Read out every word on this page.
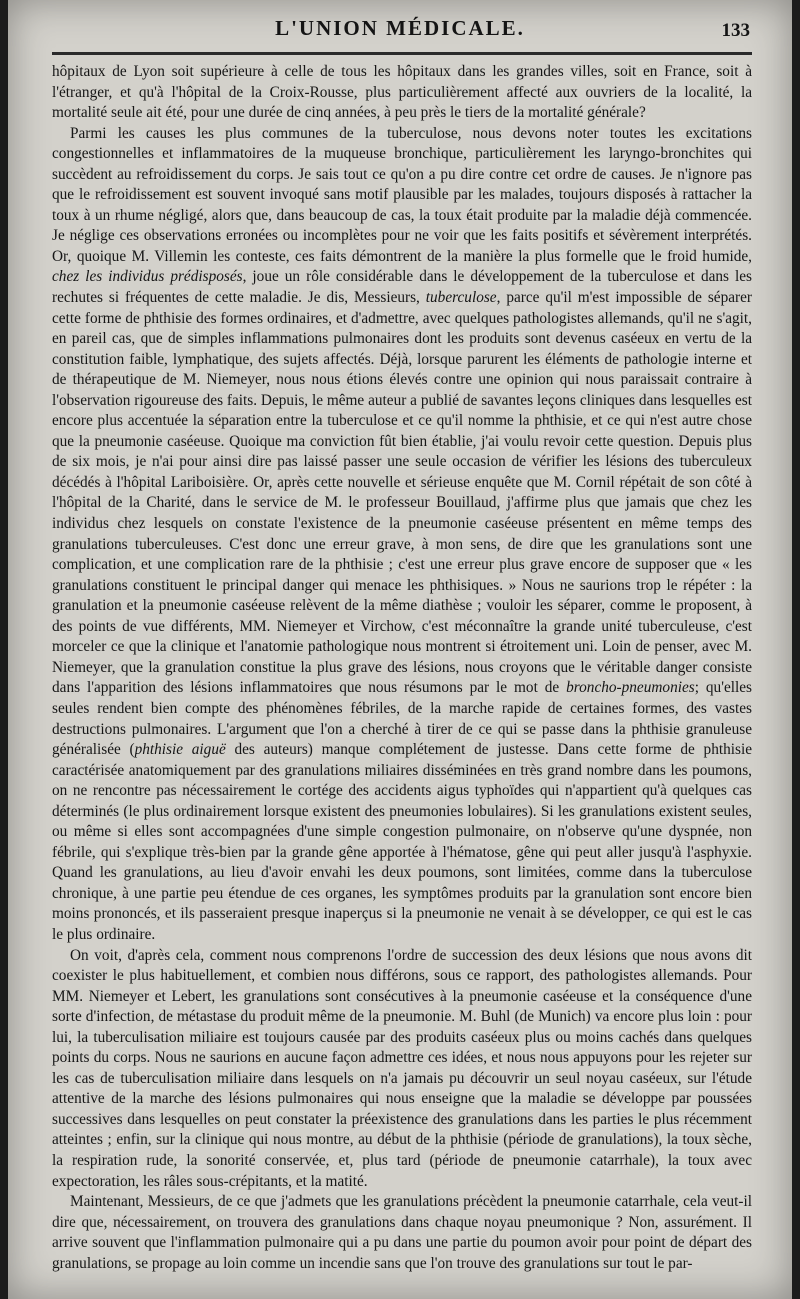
L'UNION MÉDICALE.	133

hôpitaux de Lyon soit supérieure à celle de tous les hôpitaux dans les grandes villes, soit en France, soit à l'étranger, et qu'à l'hôpital de la Croix-Rousse, plus particulièrement affecté aux ouvriers de la localité, la mortalité seule ait été, pour une durée de cinq années, à peu près le tiers de la mortalité générale?

Parmi les causes les plus communes de la tuberculose, nous devons noter toutes les excitations congestionnelles et inflammatoires de la muqueuse bronchique, particulièrement les laryngo-bronchites qui succèdent au refroidissement du corps. Je sais tout ce qu'on a pu dire contre cet ordre de causes. Je n'ignore pas que le refroidissement est souvent invoqué sans motif plausible par les malades, toujours disposés à rattacher la toux à un rhume négligé, alors que, dans beaucoup de cas, la toux était produite par la maladie déjà commencée. Je néglige ces observations erronées ou incomplètes pour ne voir que les faits positifs et sévèrement interprétés. Or, quoique M. Villemin les conteste, ces faits démontrent de la manière la plus formelle que le froid humide, chez les individus prédisposés, joue un rôle considérable dans le développement de la tuberculose et dans les rechutes si fréquentes de cette maladie. Je dis, Messieurs, tuberculose, parce qu'il m'est impossible de séparer cette forme de phthisie des formes ordinaires, et d'admettre, avec quelques pathologistes allemands, qu'il ne s'agit, en pareil cas, que de simples inflammations pulmonaires dont les produits sont devenus caséeux en vertu de la constitution faible, lymphatique, des sujets affectés. Déjà, lorsque parurent les éléments de pathologie interne et de thérapeutique de M. Niemeyer, nous nous étions élevés contre une opinion qui nous paraissait contraire à l'observation rigoureuse des faits. Depuis, le même auteur a publié de savantes leçons cliniques dans lesquelles est encore plus accentuée la séparation entre la tuberculose et ce qu'il nomme la phthisie, et ce qui n'est autre chose que la pneumonie caséeuse. Quoique ma conviction fût bien établie, j'ai voulu revoir cette question. Depuis plus de six mois, je n'ai pour ainsi dire pas laissé passer une seule occasion de vérifier les lésions des tuberculeux décédés à l'hôpital Lariboisière. Or, après cette nouvelle et sérieuse enquête que M. Cornil répétait de son côté à l'hôpital de la Charité, dans le service de M. le professeur Bouillaud, j'affirme plus que jamais que chez les individus chez lesquels on constate l'existence de la pneumonie caséeuse présentent en même temps des granulations tuberculeuses. C'est donc une erreur grave, à mon sens, de dire que les granulations sont une complication, et une complication rare de la phthisie ; c'est une erreur plus grave encore de supposer que « les granulations constituent le principal danger qui menace les phthisiques. » Nous ne saurions trop le répéter : la granulation et la pneumonie caséeuse relèvent de la même diathèse ; vouloir les séparer, comme le proposent, à des points de vue différents, MM. Niemeyer et Virchow, c'est méconnaître la grande unité tuberculeuse, c'est morceler ce que la clinique et l'anatomie pathologique nous montrent si étroitement uni. Loin de penser, avec M. Niemeyer, que la granulation constitue la plus grave des lésions, nous croyons que le véritable danger consiste dans l'apparition des lésions inflammatoires que nous résumons par le mot de broncho-pneumonies; qu'elles seules rendent bien compte des phénomènes fébriles, de la marche rapide de certaines formes, des vastes destructions pulmonaires. L'argument que l'on a cherché à tirer de ce qui se passe dans la phthisie granuleuse généralisée (phthisie aiguë des auteurs) manque complétement de justesse. Dans cette forme de phthisie caractérisée anatomiquement par des granulations miliaires disséminées en très grand nombre dans les poumons, on ne rencontre pas nécessairement le cortége des accidents aigus typhoïdes qui n'appartient qu'à quelques cas déterminés (le plus ordinairement lorsque existent des pneumonies lobulaires). Si les granulations existent seules, ou même si elles sont accompagnées d'une simple congestion pulmonaire, on n'observe qu'une dyspnée, non fébrile, qui s'explique très-bien par la grande gêne apportée à l'hématose, gêne qui peut aller jusqu'à l'asphyxie. Quand les granulations, au lieu d'avoir envahi les deux poumons, sont limitées, comme dans la tuberculose chronique, à une partie peu étendue de ces organes, les symptômes produits par la granulation sont encore bien moins prononcés, et ils passeraient presque inaperçus si la pneumonie ne venait à se développer, ce qui est le cas le plus ordinaire.

On voit, d'après cela, comment nous comprenons l'ordre de succession des deux lésions que nous avons dit coexister le plus habituellement, et combien nous différons, sous ce rapport, des pathologistes allemands. Pour MM. Niemeyer et Lebert, les granulations sont consécutives à la pneumonie caséeuse et la conséquence d'une sorte d'infection, de métastase du produit même de la pneumonie. M. Buhl (de Munich) va encore plus loin : pour lui, la tuberculisation miliaire est toujours causée par des produits caséeux plus ou moins cachés dans quelques points du corps. Nous ne saurions en aucune façon admettre ces idées, et nous nous appuyons pour les rejeter sur les cas de tuberculisation miliaire dans lesquels on n'a jamais pu découvrir un seul noyau caséeux, sur l'étude attentive de la marche des lésions pulmonaires qui nous enseigne que la maladie se développe par poussées successives dans lesquelles on peut constater la préexistence des granulations dans les parties le plus récemment atteintes ; enfin, sur la clinique qui nous montre, au début de la phthisie (période de granulations), la toux sèche, la respiration rude, la sonorité conservée, et, plus tard (période de pneumonie catarrhale), la toux avec expectoration, les râles sous-crépitants, et la matité.

Maintenant, Messieurs, de ce que j'admets que les granulations précèdent la pneumonie catarrhale, cela veut-il dire que, nécessairement, on trouvera des granulations dans chaque noyau pneumonique ? Non, assurément. Il arrive souvent que l'inflammation pulmonaire qui a pu dans une partie du poumon avoir pour point de départ des granulations, se propage au loin comme un incendie sans que l'on trouve des granulations sur tout le par-
